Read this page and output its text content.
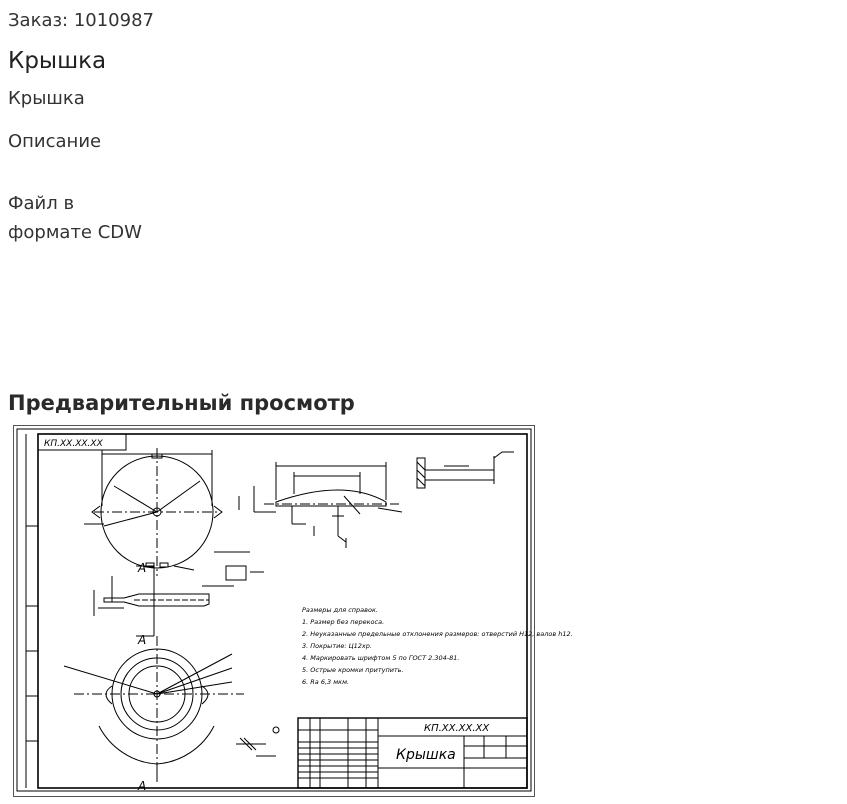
Заказ: 1010987
Крышка
Крышка
Описание
Файл в
формате CDW
Предварительный просмотр
КП.ХХ.ХХ.ХХ
КП.ХХ.ХХ.ХХ
Крышка
А
А
А
Размеры для справок.
1. Размер без перекоса.
2. Неуказанные предельные отклонения размеров: отверстий H12, валов h12.
3. Покрытие: Ц12хр.
4. Маркировать шрифтом 5 по ГОСТ 2.304-81.
5. Острые кромки притупить.
6. Ra 6,3 мкм.
